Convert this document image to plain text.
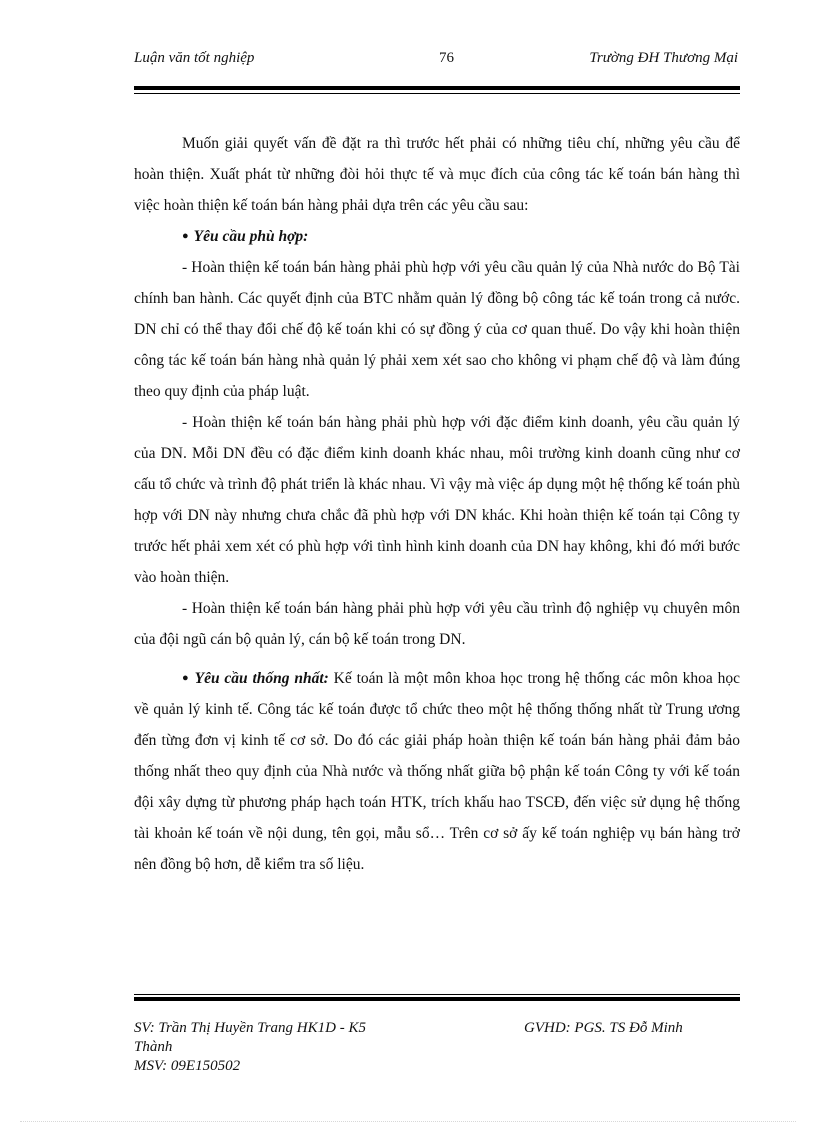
Luận văn tốt nghiệp	76	Trường ĐH Thương Mại

Muốn giải quyết vấn đề đặt ra thì trước hết phải có những tiêu chí, những yêu cầu để hoàn thiện. Xuất phát từ những đòi hỏi thực tế và mục đích của công tác kế toán bán hàng thì việc hoàn thiện kế toán bán hàng phải dựa trên các yêu cầu sau:

● Yêu cầu phù hợp:

- Hoàn thiện kế toán bán hàng phải phù hợp với yêu cầu quản lý của Nhà nước do Bộ Tài chính ban hành. Các quyết định của BTC nhằm quản lý đồng bộ công tác kế toán trong cả nước. DN chỉ có thể thay đổi chế độ kế toán khi có sự đồng ý của cơ quan thuế. Do vậy khi hoàn thiện công tác kế toán bán hàng nhà quản lý phải xem xét sao cho không vi phạm chế độ và làm đúng theo quy định của pháp luật.

- Hoàn thiện kế toán bán hàng phải phù hợp với đặc điểm kinh doanh, yêu cầu quản lý của DN. Mỗi DN đều có đặc điểm kinh doanh khác nhau, môi trường kinh doanh cũng như cơ cấu tổ chức và trình độ phát triển là khác nhau. Vì vậy mà việc áp dụng một hệ thống kế toán phù hợp với DN này nhưng chưa chắc đã phù hợp với DN khác. Khi hoàn thiện kế toán tại Công ty trước hết phải xem xét có phù hợp với tình hình kinh doanh của DN hay không, khi đó mới bước vào hoàn thiện.

- Hoàn thiện kế toán bán hàng phải phù hợp với yêu cầu trình độ nghiệp vụ chuyên môn của đội ngũ cán bộ quản lý, cán bộ kế toán trong DN.

● Yêu cầu thống nhất: Kế toán là một môn khoa học trong hệ thống các môn khoa học về quản lý kinh tế. Công tác kế toán được tổ chức theo một hệ thống thống nhất từ Trung ương đến từng đơn vị kinh tế cơ sở. Do đó các giải pháp hoàn thiện kế toán bán hàng phải đảm bảo thống nhất theo quy định của Nhà nước và thống nhất giữa bộ phận kế toán Công ty với kế toán đội xây dựng từ phương pháp hạch toán HTK, trích khấu hao TSCĐ, đến việc sử dụng hệ thống tài khoản kế toán về nội dung, tên gọi, mẫu sổ… Trên cơ sở ấy kế toán nghiệp vụ bán hàng trở nên đồng bộ hơn, dễ kiểm tra số liệu.

SV: Trần Thị Huyền Trang HK1D - K5
Thành
MSV: 09E150502
GVHD: PGS. TS Đỗ Minh
